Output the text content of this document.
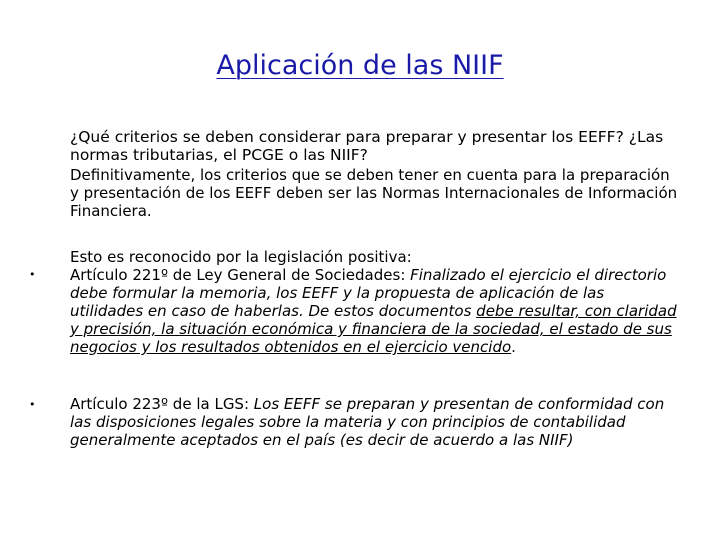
Aplicación de las NIIF

¿Qué criterios se deben considerar para preparar y presentar los EEFF? ¿Las normas tributarias, el PCGE o las NIIF?

Definitivamente, los criterios que se deben tener en cuenta para la preparación y presentación de los EEFF deben ser las Normas Internacionales de Información Financiera.

•

Esto es reconocido por la legislación positiva:

Artículo 221º de Ley General de Sociedades: Finalizado el ejercicio el directorio debe formular la memoria, los EEFF y la propuesta de aplicación de las utilidades en caso de haberlas. De estos documentos debe resultar, con claridad y precisión, la situación económica y financiera de la sociedad, el estado de sus negocios y los resultados obtenidos en el ejercicio vencido.

• Artículo 223º de la LGS: Los EEFF se preparan y presentan de conformidad con las disposiciones legales sobre la materia y con principios de contabilidad generalmente aceptados en el país (es decir de acuerdo a las NIIF)
